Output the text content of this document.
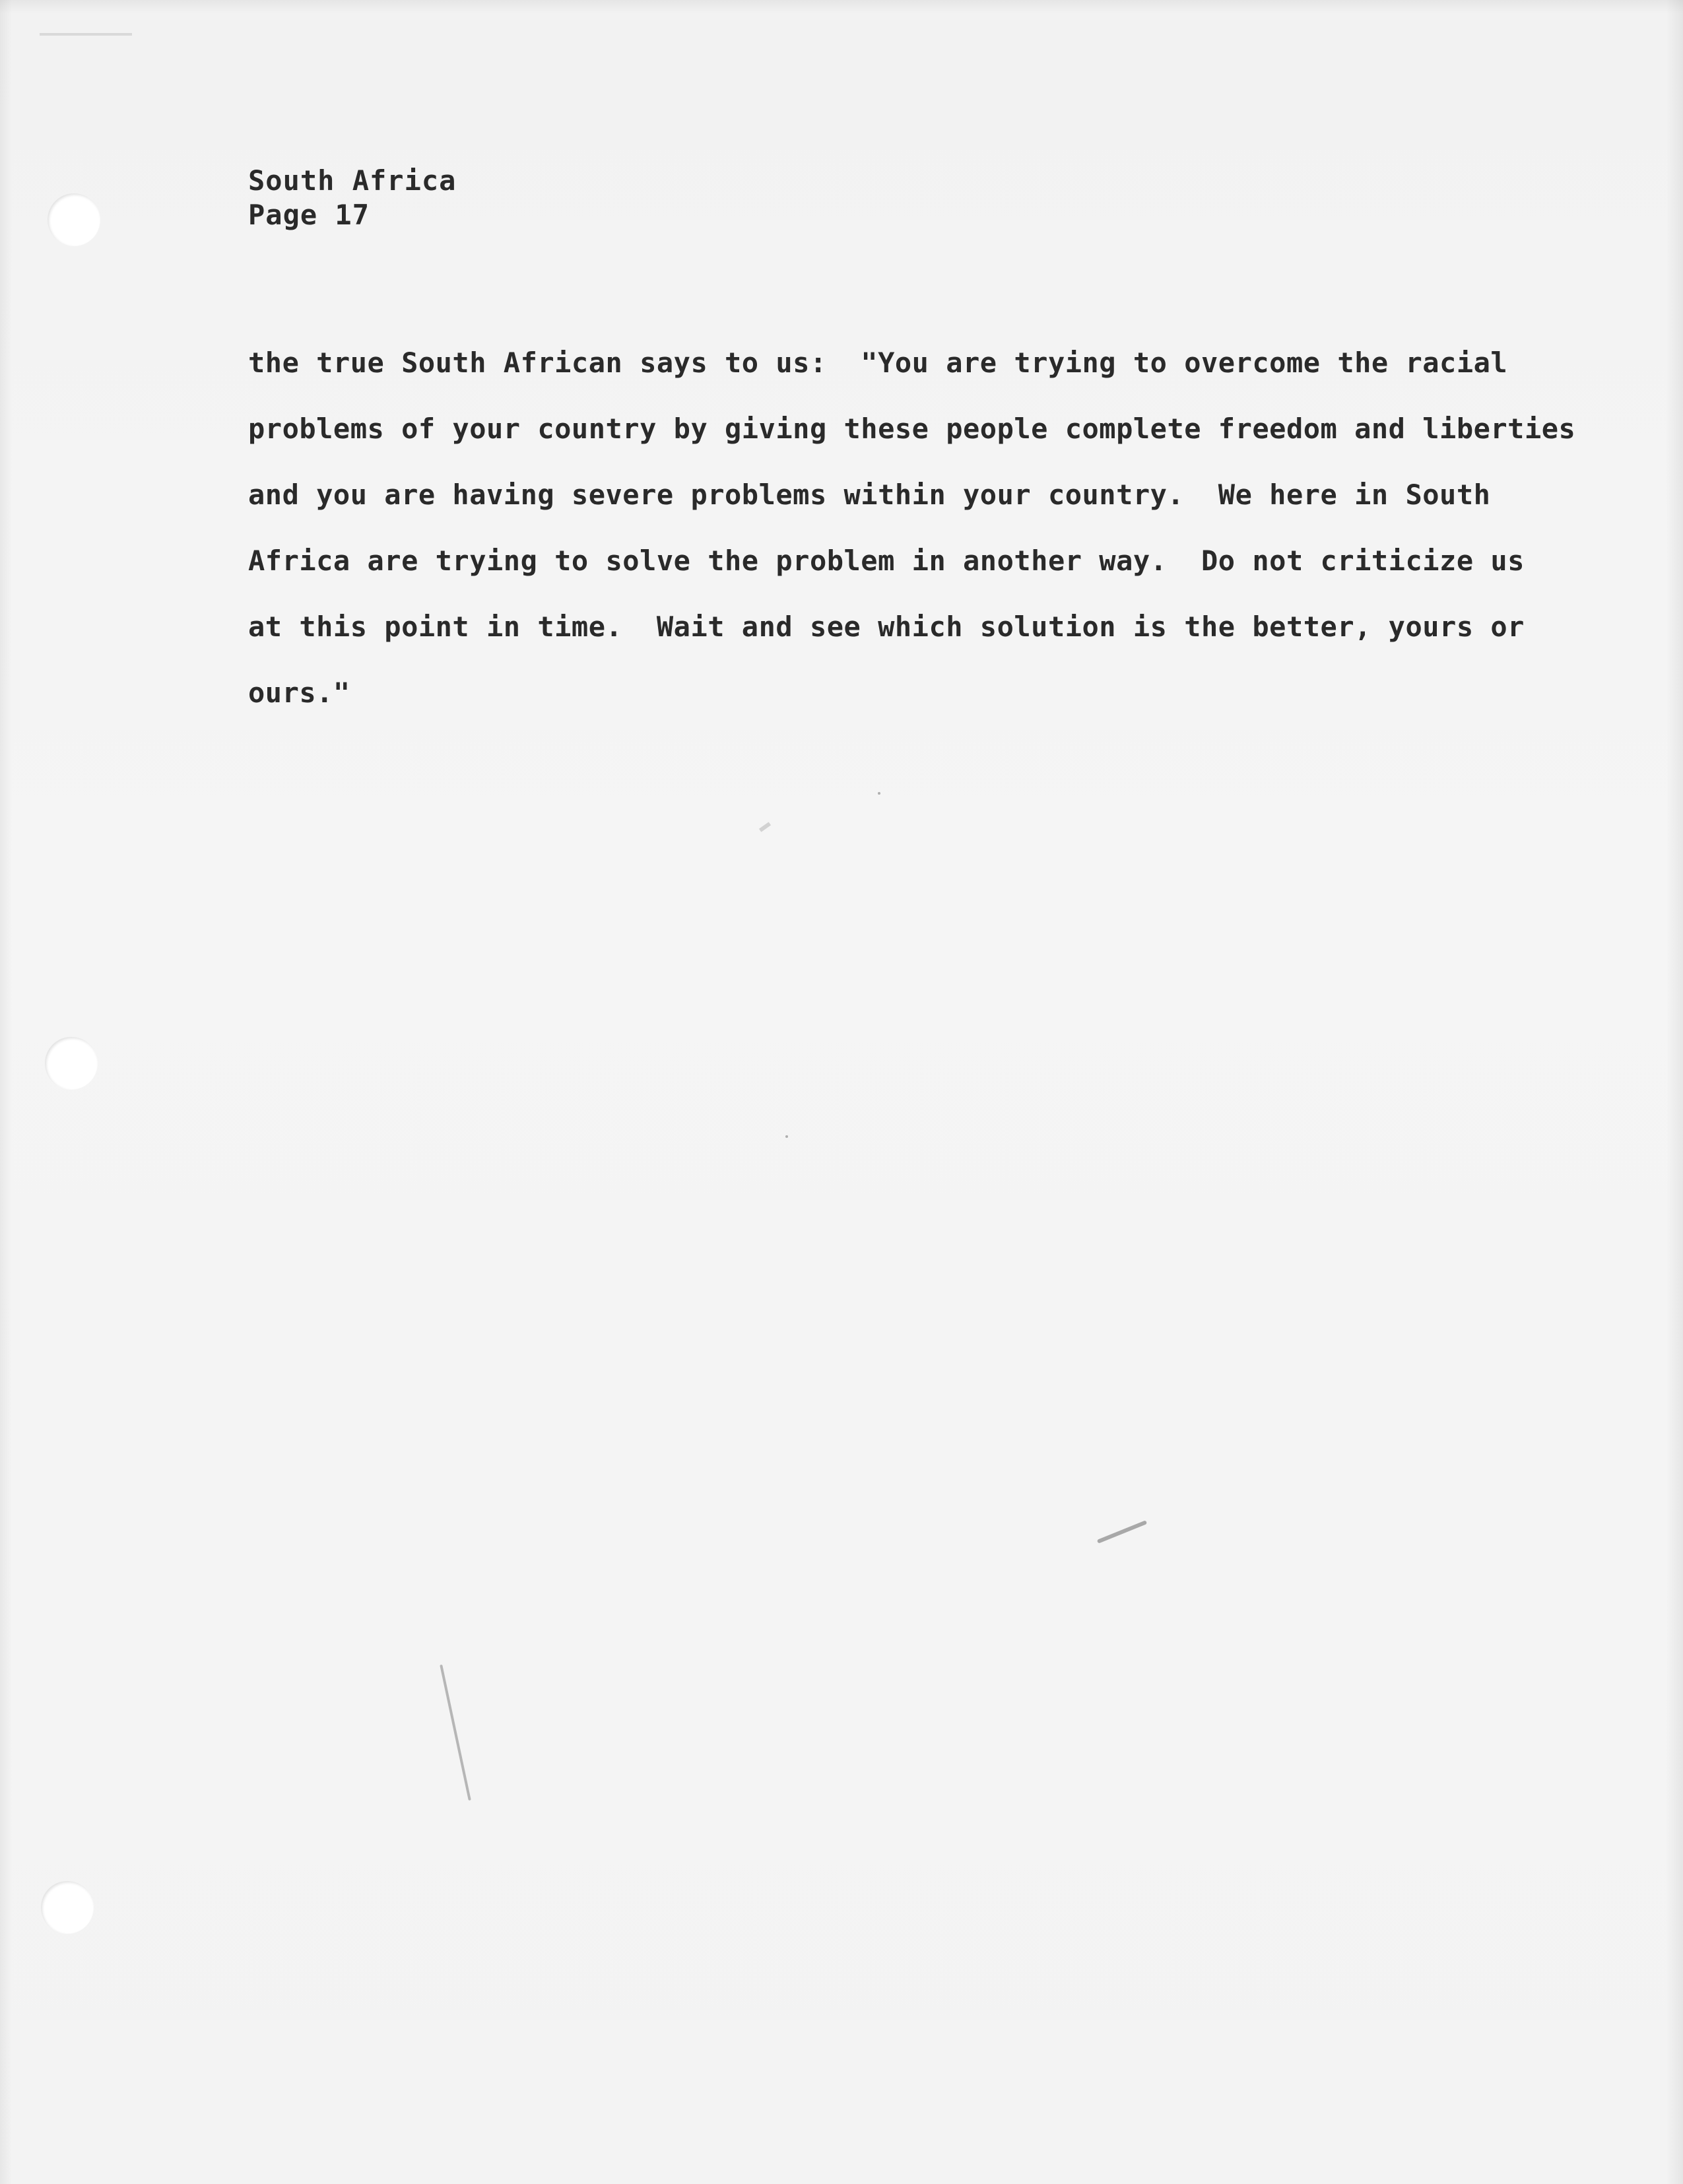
South Africa
Page 17
the true South African says to us:  "You are trying to overcome the racial
problems of your country by giving these people complete freedom and liberties
and you are having severe problems within your country.  We here in South
Africa are trying to solve the problem in another way.  Do not criticize us
at this point in time.  Wait and see which solution is the better, yours or
ours."
